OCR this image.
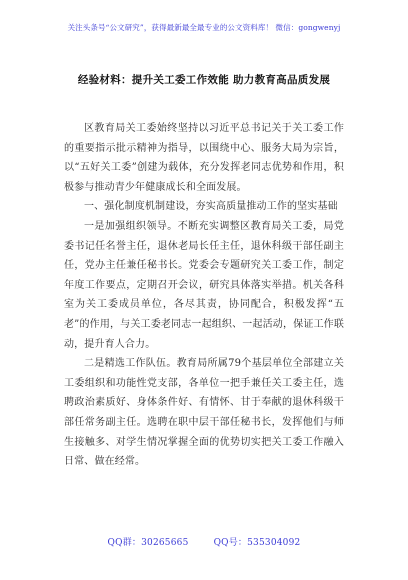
关注头条号“公文研究”，获得最新最全最专业的公文资料库！ 微信：gongwenyj
经验材料：提升关工委工作效能 助力教育高品质发展

区教育局关工委始终坚持以习近平总书记关于关工委工作的重要指示批示精神为指导，以围绕中心、服务大局为宗旨，以“五好关工委”创建为载体，充分发挥老同志优势和作用，积极参与推动青少年健康成长和全面发展。

一、强化制度机制建设，夯实高质量推动工作的坚实基础

一是加强组织领导。不断充实调整区教育局关工委，局党委书记任名誉主任，退休老局长任主任，退休科级干部任副主任，党办主任兼任秘书长。党委会专题研究关工委工作，制定年度工作要点，定期召开会议，研究具体落实举措。机关各科室为关工委成员单位，各尽其责，协同配合，积极发挥“五老”的作用，与关工委老同志一起组织、一起活动，保证工作联动，提升育人合力。

二是精选工作队伍。教育局所属79个基层单位全部建立关工委组织和功能性党支部，各单位一把手兼任关工委主任，选聘政治素质好、身体条件好、有情怀、甘于奉献的退休科级干部任常务副主任。选聘在职中层干部任秘书长，发挥他们与师生接触多、对学生情况掌握全面的优势切实把关工委工作融入日常、做在经常。

QQ群：30265665	QQ号：535304092
